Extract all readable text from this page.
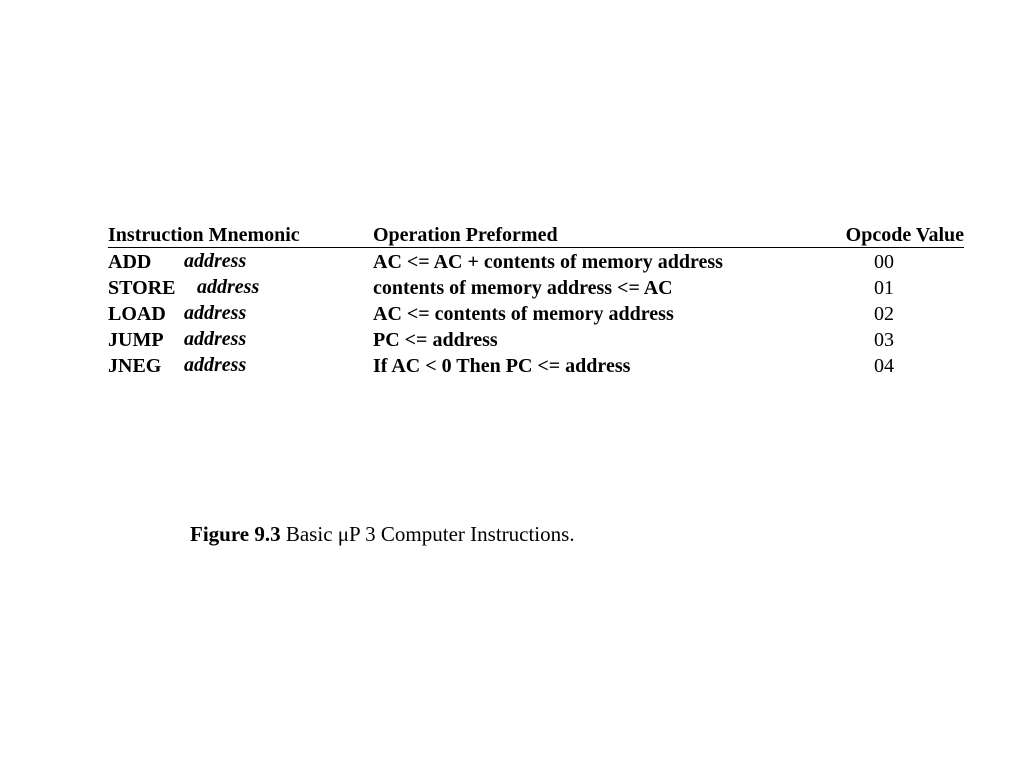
Instruction Mnemonic	Operation Preformed	Opcode Value
ADD address	AC <= AC + contents of memory address	00
STORE address	contents of memory address <= AC	01
LOAD address	AC <= contents of memory address	02
JUMP address	PC <= address	03
JNEG address	If AC < 0 Then PC <= address	04
Figure 9.3 Basic μP 3 Computer Instructions.
